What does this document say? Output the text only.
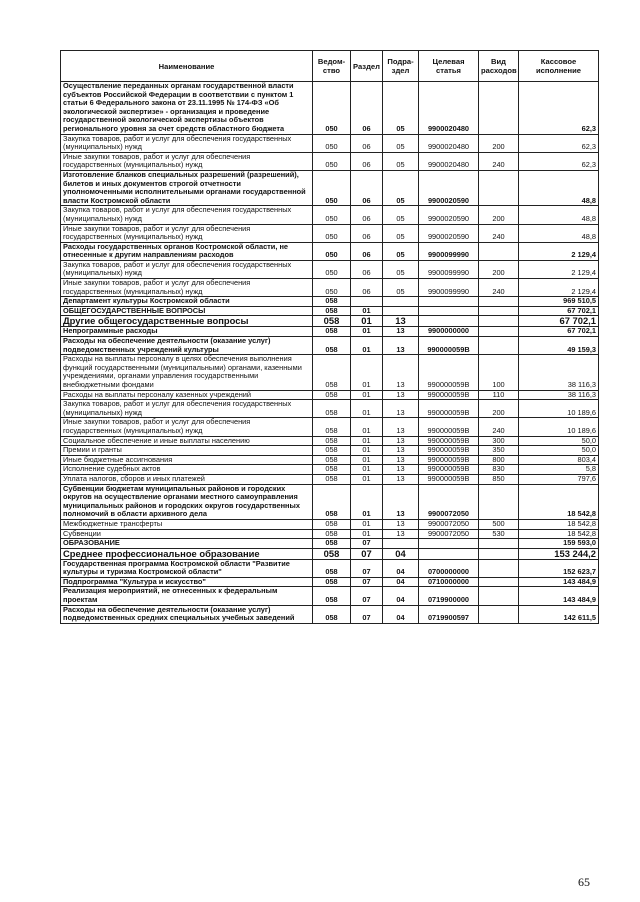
Наименование	Ведом-ство	Раздел	Подра-здел	Целевая статья	Вид расходов	Кассовое исполнение
Осуществление переданных органам государственной власти субъектов Российской Федерации в соответствии с пунктом 1 статьи 6 Федерального закона от 23.11.1995 № 174-ФЗ «Об экологической экспертизе» - организация и проведение государственной экологической экспертизы объектов регионального уровня за счет средств областного бюджета	050	06	05	9900020480		62,3
Закупка товаров, работ и услуг для обеспечения государственных (муниципальных) нужд	050	06	05	9900020480	200	62,3
Иные закупки товаров, работ и услуг для обеспечения государственных (муниципальных) нужд	050	06	05	9900020480	240	62,3
Изготовление бланков специальных разрешений (разрешений), билетов и иных документов строгой отчетности уполномоченными исполнительными органами государственной власти Костромской области	050	06	05	9900020590		48,8
Закупка товаров, работ и услуг для обеспечения государственных (муниципальных) нужд	050	06	05	9900020590	200	48,8
Иные закупки товаров, работ и услуг для обеспечения государственных (муниципальных) нужд	050	06	05	9900020590	240	48,8
Расходы государственных органов Костромской области, не отнесенные к другим направлениям расходов	050	06	05	9900099990		2 129,4
Закупка товаров, работ и услуг для обеспечения государственных (муниципальных) нужд	050	06	05	9900099990	200	2 129,4
Иные закупки товаров, работ и услуг для обеспечения государственных (муниципальных) нужд	050	06	05	9900099990	240	2 129,4
Департамент культуры Костромской области	058					969 510,5
ОБЩЕГОСУДАРСТВЕННЫЕ ВОПРОСЫ	058	01				67 702,1
Другие общегосударственные вопросы	058	01	13			67 702,1
Непрограммные расходы	058	01	13	9900000000		67 702,1
Расходы на обеспечение деятельности (оказание услуг) подведомственных учреждений культуры	058	01	13	990000059В		49 159,3
Расходы на выплаты персоналу в целях обеспечения выполнения функций государственными (муниципальными) органами, казенными учреждениями, органами управления государственными внебюджетными фондами	058	01	13	990000059В	100	38 116,3
Расходы на выплаты персоналу казенных учреждений	058	01	13	990000059В	110	38 116,3
Закупка товаров, работ и услуг для обеспечения государственных (муниципальных) нужд	058	01	13	990000059В	200	10 189,6
Иные закупки товаров, работ и услуг для обеспечения государственных (муниципальных) нужд	058	01	13	990000059В	240	10 189,6
Социальное обеспечение и иные выплаты населению	058	01	13	990000059В	300	50,0
Премии и гранты	058	01	13	990000059В	350	50,0
Иные бюджетные ассигнования	058	01	13	990000059В	800	803,4
Исполнение судебных актов	058	01	13	990000059В	830	5,8
Уплата налогов, сборов и иных платежей	058	01	13	990000059В	850	797,6
Субвенции бюджетам муниципальных районов и городских округов на осуществление органами местного самоуправления муниципальных районов и городских округов государственных полномочий в области архивного дела	058	01	13	9900072050		18 542,8
Межбюджетные трансферты	058	01	13	9900072050	500	18 542,8
Субвенции	058	01	13	9900072050	530	18 542,8
ОБРАЗОВАНИЕ	058	07				159 593,0
Среднее профессиональное образование	058	07	04			153 244,2
Государственная программа Костромской области "Развитие культуры и туризма Костромской области"	058	07	04	0700000000		152 623,7
Подпрограмма "Культура и искусство"	058	07	04	0710000000		143 484,9
Реализация мероприятий, не отнесенных к федеральным проектам	058	07	04	0719900000		143 484,9
Расходы на обеспечение деятельности (оказание услуг) подведомственных средних специальных учебных заведений	058	07	04	0719900597		142 611,5
65
